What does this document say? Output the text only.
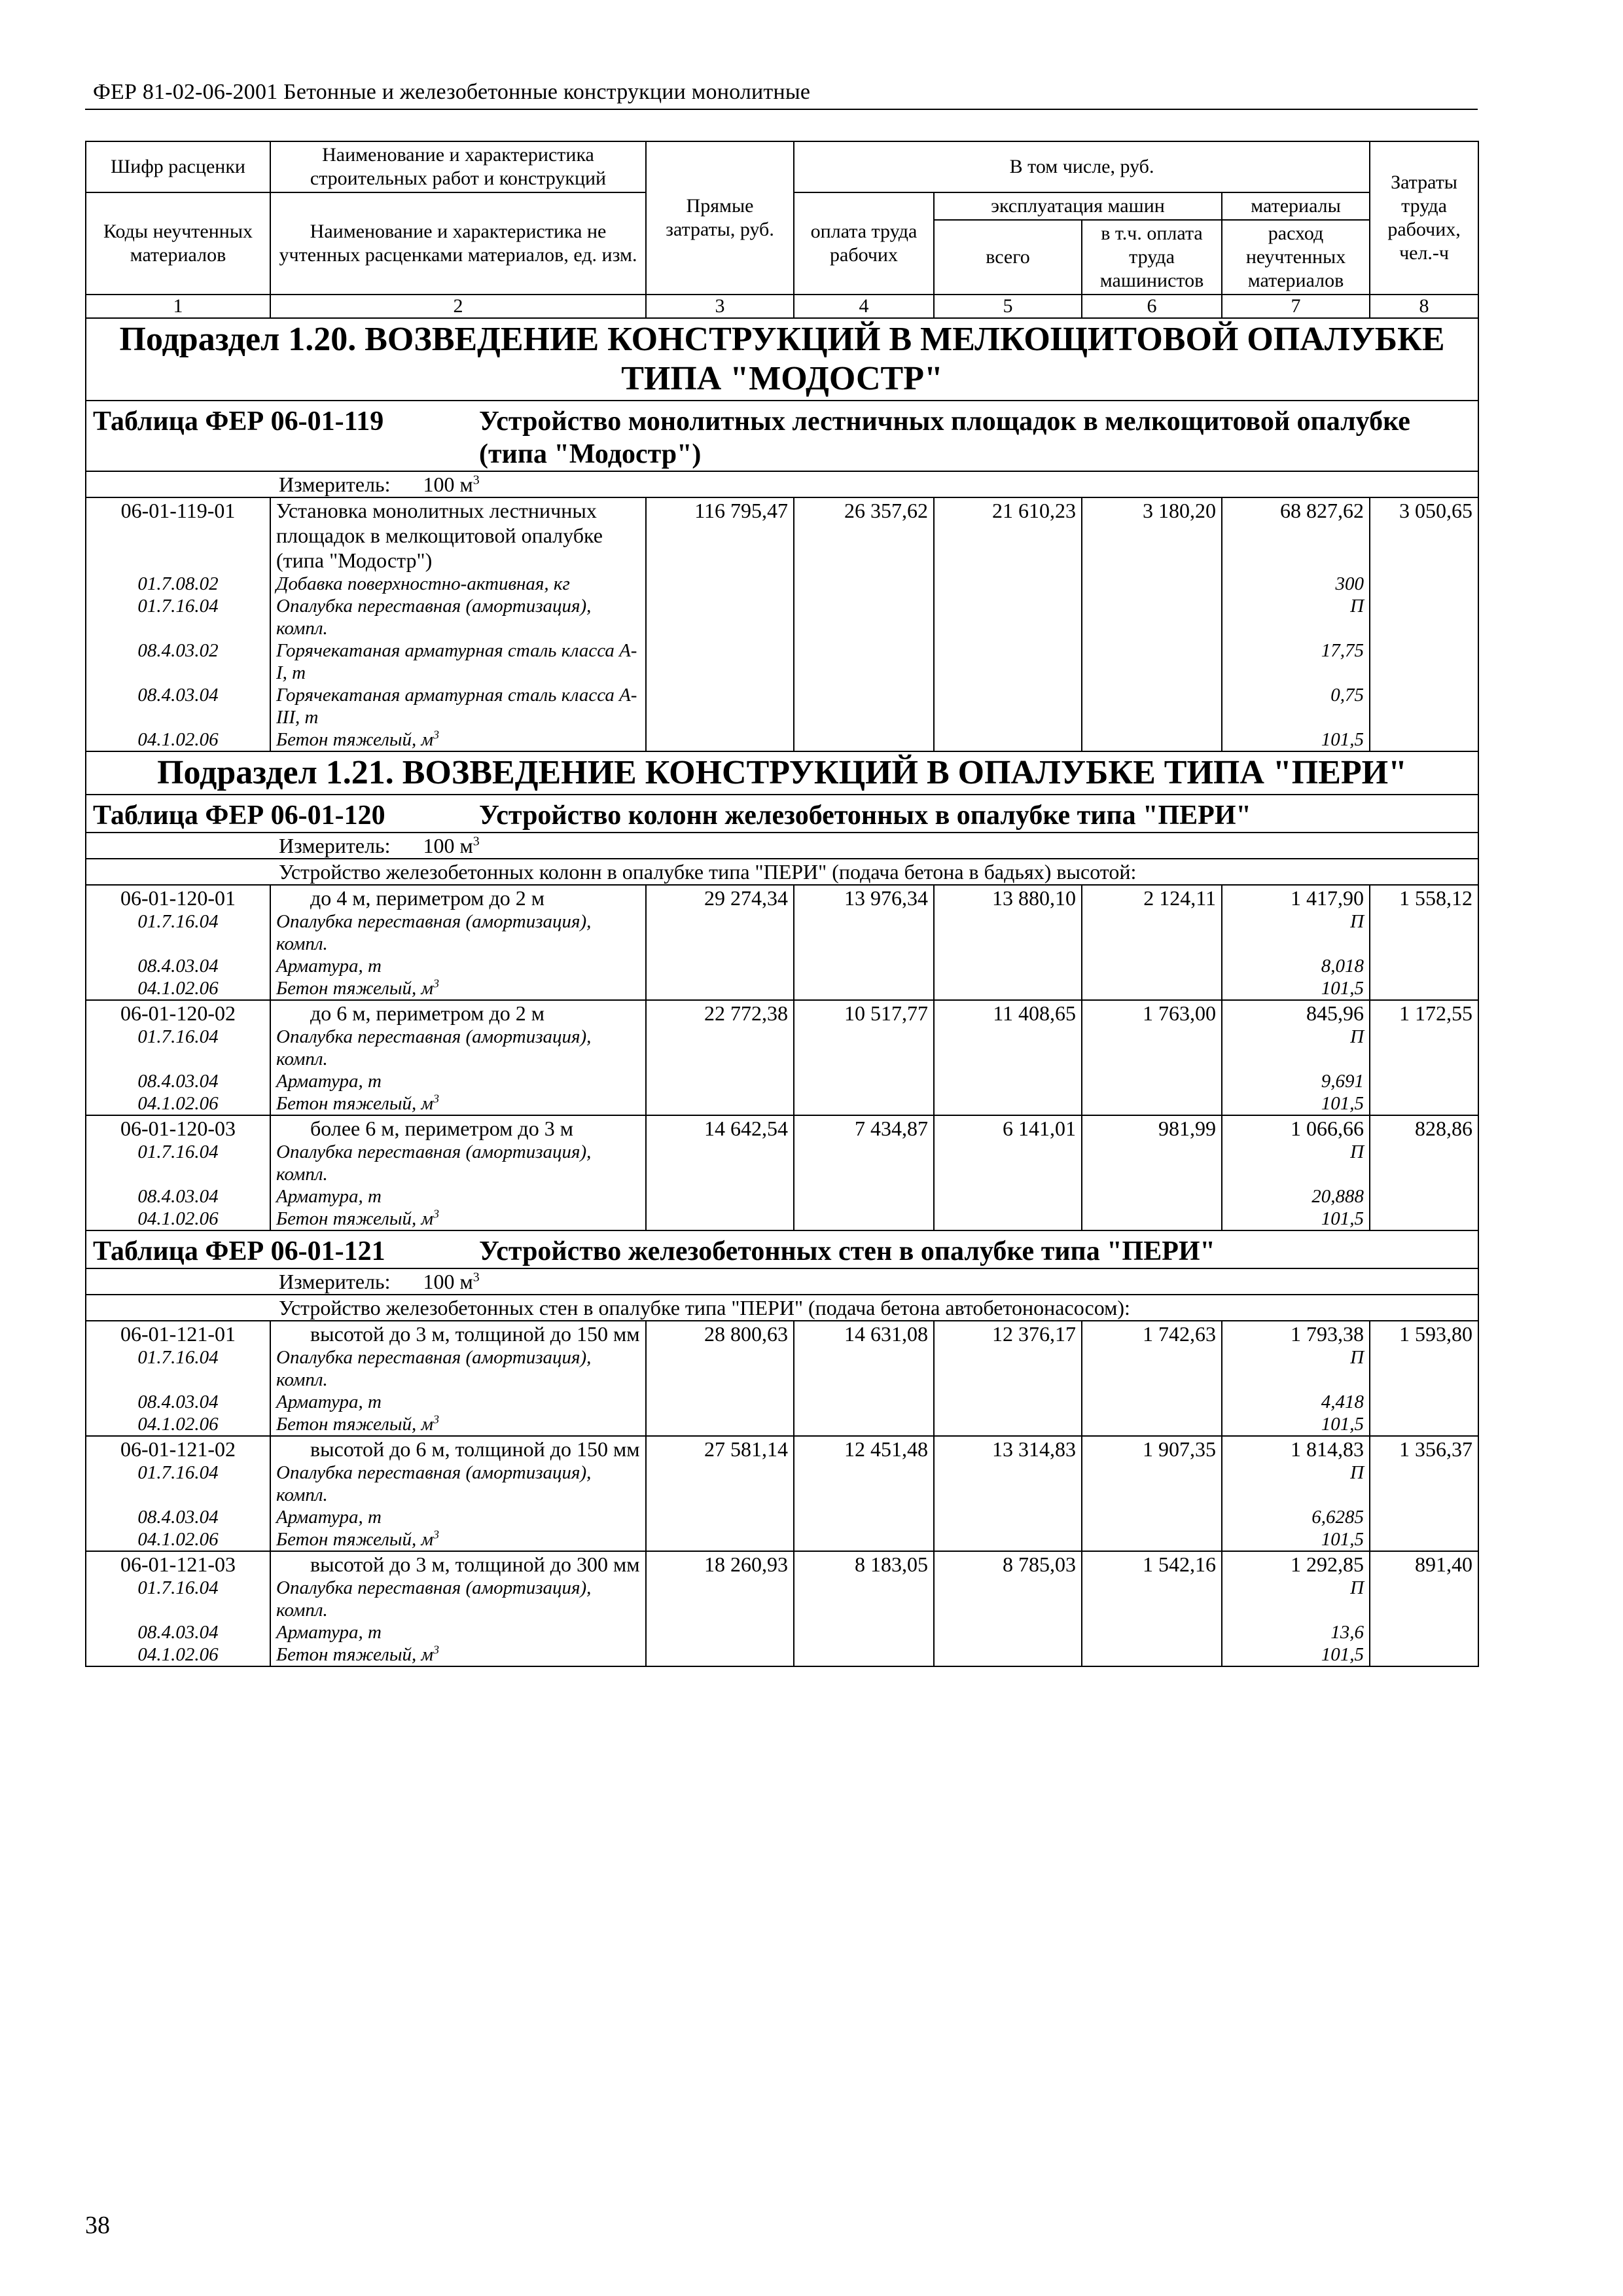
ФЕР 81-02-06-2001 Бетонные и железобетонные конструкции монолитные
Шифр расценки	Наименование и характеристика строительных работ и конструкций	Прямые затраты, руб.	В том числе, руб.				Затраты труда рабочих, чел.-ч
Коды неучтенных материалов	Наименование и характеристика не учтенных расценками материалов, ед. изм.		оплата труда рабочих	эксплуатация машин		материалы	
				всего	в т.ч. оплата труда машинистов	расход неучтенных материалов	
1	2	3	4	5	6	7	8
Подраздел 1.20. ВОЗВЕДЕНИЕ КОНСТРУКЦИЙ В МЕЛКОЩИТОВОЙ ОПАЛУБКЕ ТИПА "МОДОСТР"							
Таблица ФЕР 06-01-119 Устройство монолитных лестничных площадок в мелкощитовой опалубке (типа "Модостр")							
Измеритель: 100 $м^3$
06-01-119-01	Установка монолитных лестничных площадок в мелкощитовой опалубке (типа "Модостр")	116 795,47	26 357,62	21 610,23	3 180,20	68 827,62	3 050,65
01.7.08.02	Добавка поверхностно-активная, кг					300	
01.7.16.04	Опалубка переставная (амортизация), компл.					П	
08.4.03.02	Горячекатаная арматурная сталь класса А-I, т					17,75	
08.4.03.04	Горячекатаная арматурная сталь класса А-III, т					0,75	
04.1.02.06	Бетон тяжелый, $м^3$					101,5	
Подраздел 1.21. ВОЗВЕДЕНИЕ КОНСТРУКЦИЙ В ОПАЛУБКЕ ТИПА "ПЕРИ"							
Таблица ФЕР 06-01-120 Устройство колонн железобетонных в опалубке типа "ПЕРИ"							
Измеритель: 100 $м^3$
Устройство железобетонных колонн в опалубке типа "ПЕРИ" (подача бетона в бадьях) высотой:							
06-01-120-01	до 4 м, периметром до 2 м	29 274,34	13 976,34	13 880,10	2 124,11	1 417,90	1 558,12
01.7.16.04	Опалубка переставная (амортизация), компл.					П	
08.4.03.04	Арматура, т					8,018	
04.1.02.06	Бетон тяжелый, $м^3$					101,5	
06-01-120-02	до 6 м, периметром до 2 м	22 772,38	10 517,77	11 408,65	1 763,00	845,96	1 172,55
01.7.16.04	Опалубка переставная (амортизация), компл.					П	
08.4.03.04	Арматура, т					9,691	
04.1.02.06	Бетон тяжелый, $м^3$					101,5	
06-01-120-03	более 6 м, периметром до 3 м	14 642,54	7 434,87	6 141,01	981,99	1 066,66	828,86
01.7.16.04	Опалубка переставная (амортизация), компл.					П	
08.4.03.04	Арматура, т					20,888	
04.1.02.06	Бетон тяжелый, $м^3$					101,5	
Таблица ФЕР 06-01-121 Устройство железобетонных стен в опалубке типа "ПЕРИ"							
Измеритель: 100 $м^3$
Устройство железобетонных стен в опалубке типа "ПЕРИ" (подача бетона автобетононасосом):							
06-01-121-01	высотой до 3 м, толщиной до 150 мм	28 800,63	14 631,08	12 376,17	1 742,63	1 793,38	1 593,80
01.7.16.04	Опалубка переставная (амортизация), компл.					П	
08.4.03.04	Арматура, т					4,418	
04.1.02.06	Бетон тяжелый, $м^3$					101,5	
06-01-121-02	высотой до 6 м, толщиной до 150 мм	27 581,14	12 451,48	13 314,83	1 907,35	1 814,83	1 356,37
01.7.16.04	Опалубка переставная (амортизация), компл.					П	
08.4.03.04	Арматура, т					6,6285	
04.1.02.06	Бетон тяжелый, $м^3$					101,5	
06-01-121-03	высотой до 3 м, толщиной до 300 мм	18 260,93	8 183,05	8 785,03	1 542,16	1 292,85	891,40
01.7.16.04	Опалубка переставная (амортизация), компл.					П	
08.4.03.04	Арматура, т					13,6	
04.1.02.06	Бетон тяжелый, $м^3$					101,5	
38
